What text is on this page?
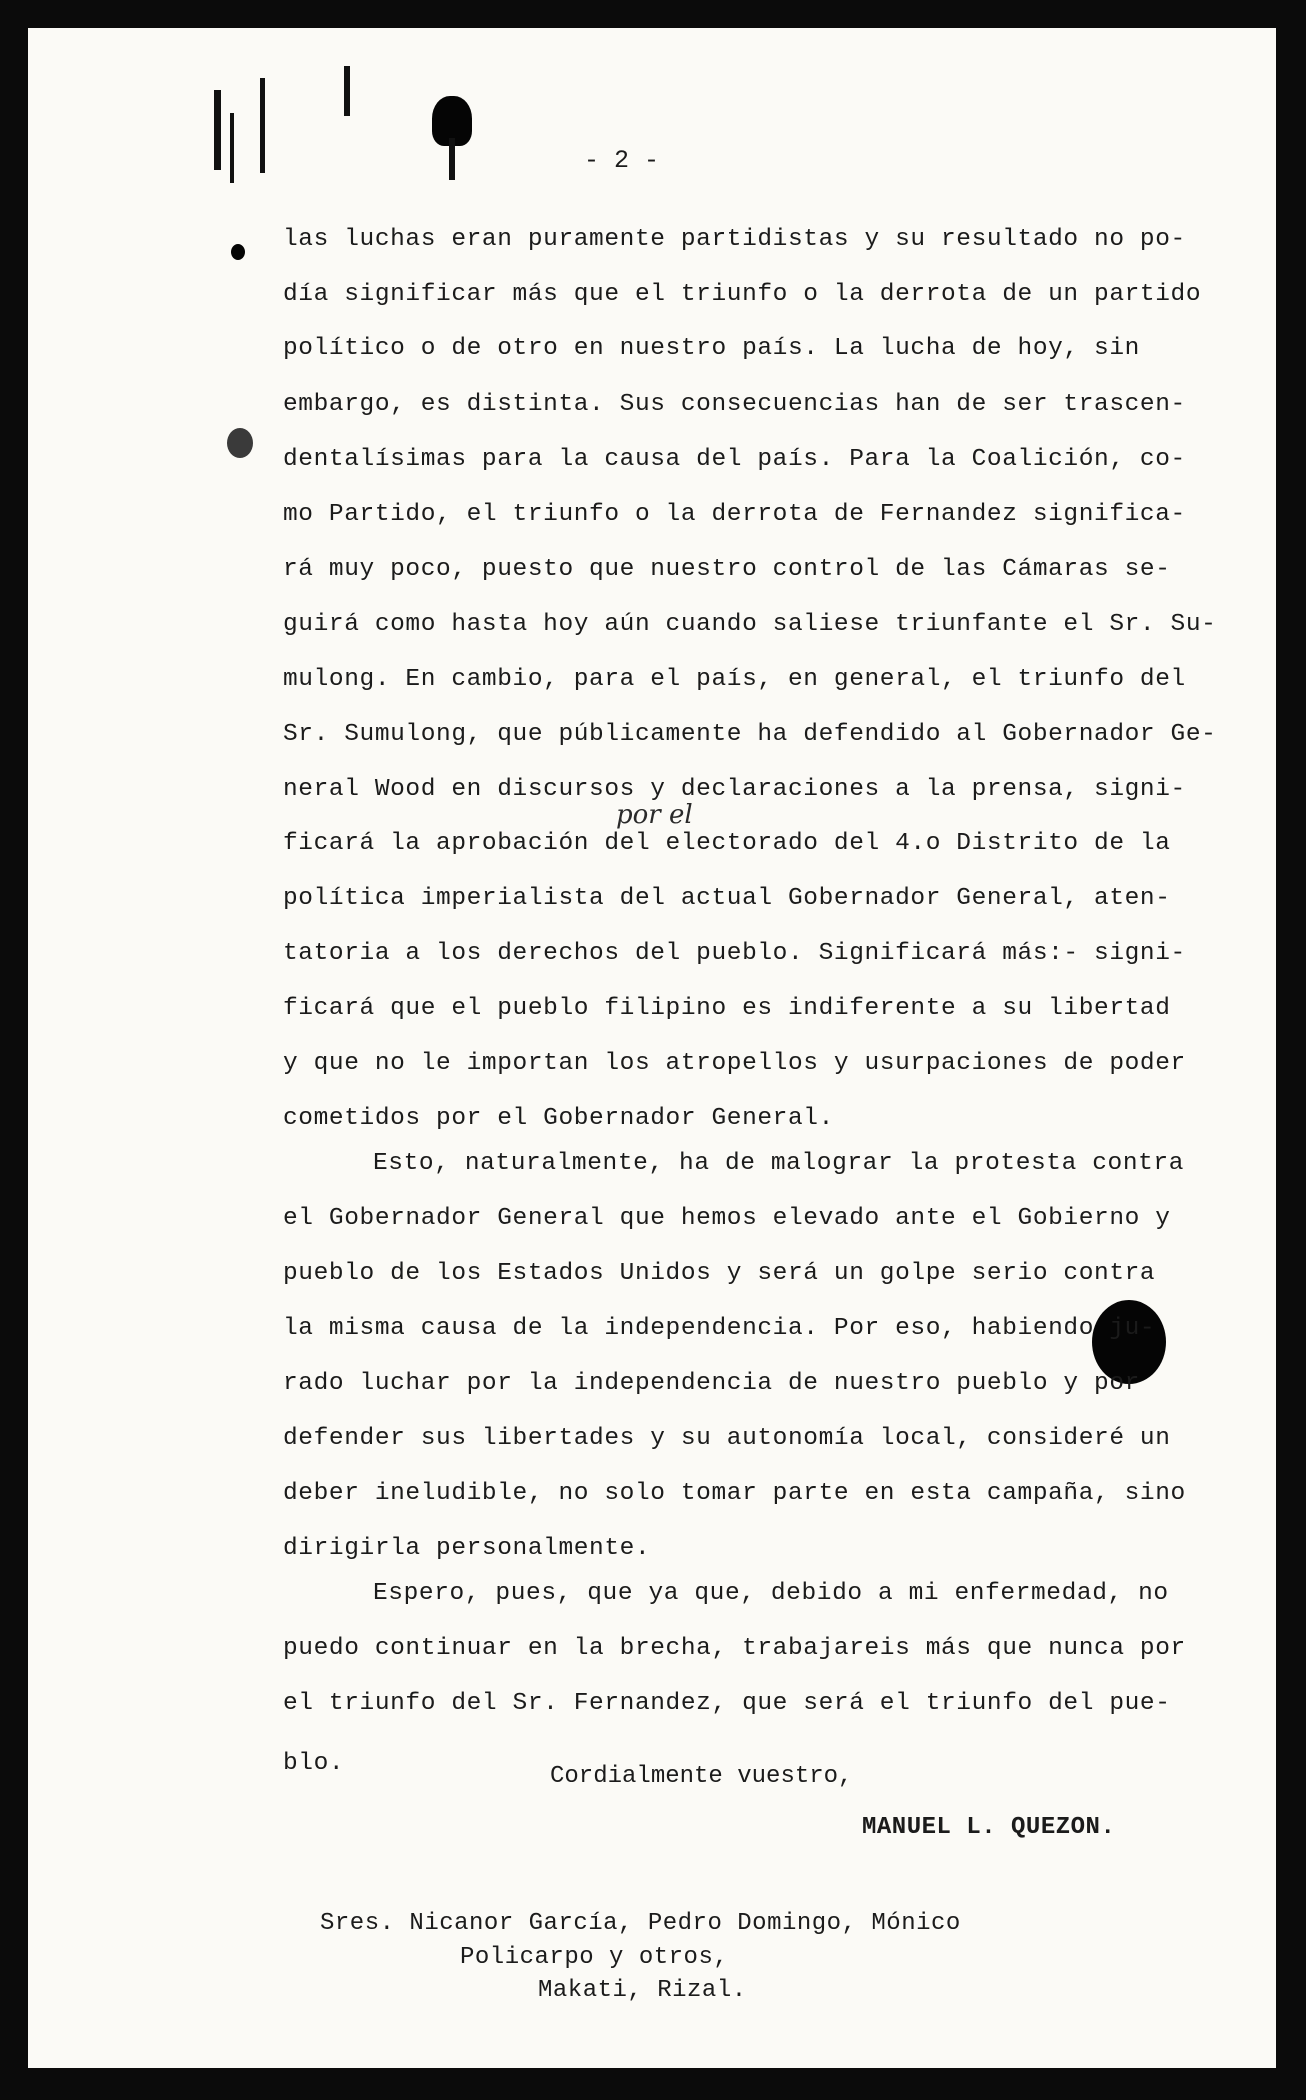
- 2 -
las luchas eran puramente partidistas y su resultado no po-
día significar más que el triunfo o la derrota de un partido
político o de otro en nuestro país. La lucha de hoy, sin
embargo, es distinta. Sus consecuencias han de ser trascen-
dentalísimas para la causa del país. Para la Coalición, co-
mo Partido, el triunfo o la derrota de Fernandez significa-
rá muy poco, puesto que nuestro control de las Cámaras se-
guirá como hasta hoy aún cuando saliese triunfante el Sr. Su-
mulong. En cambio, para el país, en general, el triunfo del
Sr. Sumulong, que públicamente ha defendido al Gobernador Ge-
neral Wood en discursos y declaraciones a la prensa, signi-
por el
ficará la aprobación del electorado del 4.o Distrito de la
política imperialista del actual Gobernador General, aten-
tatoria a los derechos del pueblo. Significará más:- signi-
ficará que el pueblo filipino es indiferente a su libertad
y que no le importan los atropellos y usurpaciones de poder
cometidos por el Gobernador General.
Esto, naturalmente, ha de malograr la protesta contra
el Gobernador General que hemos elevado ante el Gobierno y
pueblo de los Estados Unidos y será un golpe serio contra
la misma causa de la independencia. Por eso, habiendo ju-
rado luchar por la independencia de nuestro pueblo y por
defender sus libertades y su autonomía local, consideré un
deber ineludible, no solo tomar parte en esta campaña, sino
dirigirla personalmente.
Espero, pues, que ya que, debido a mi enfermedad, no
puedo continuar en la brecha, trabajareis más que nunca por
el triunfo del Sr. Fernandez, que será el triunfo del pue-
blo.	Cordialmente vuestro,
MANUEL L. QUEZON.
Sres. Nicanor García, Pedro Domingo, Mónico
Policarpo y otros,
Makati, Rizal.
